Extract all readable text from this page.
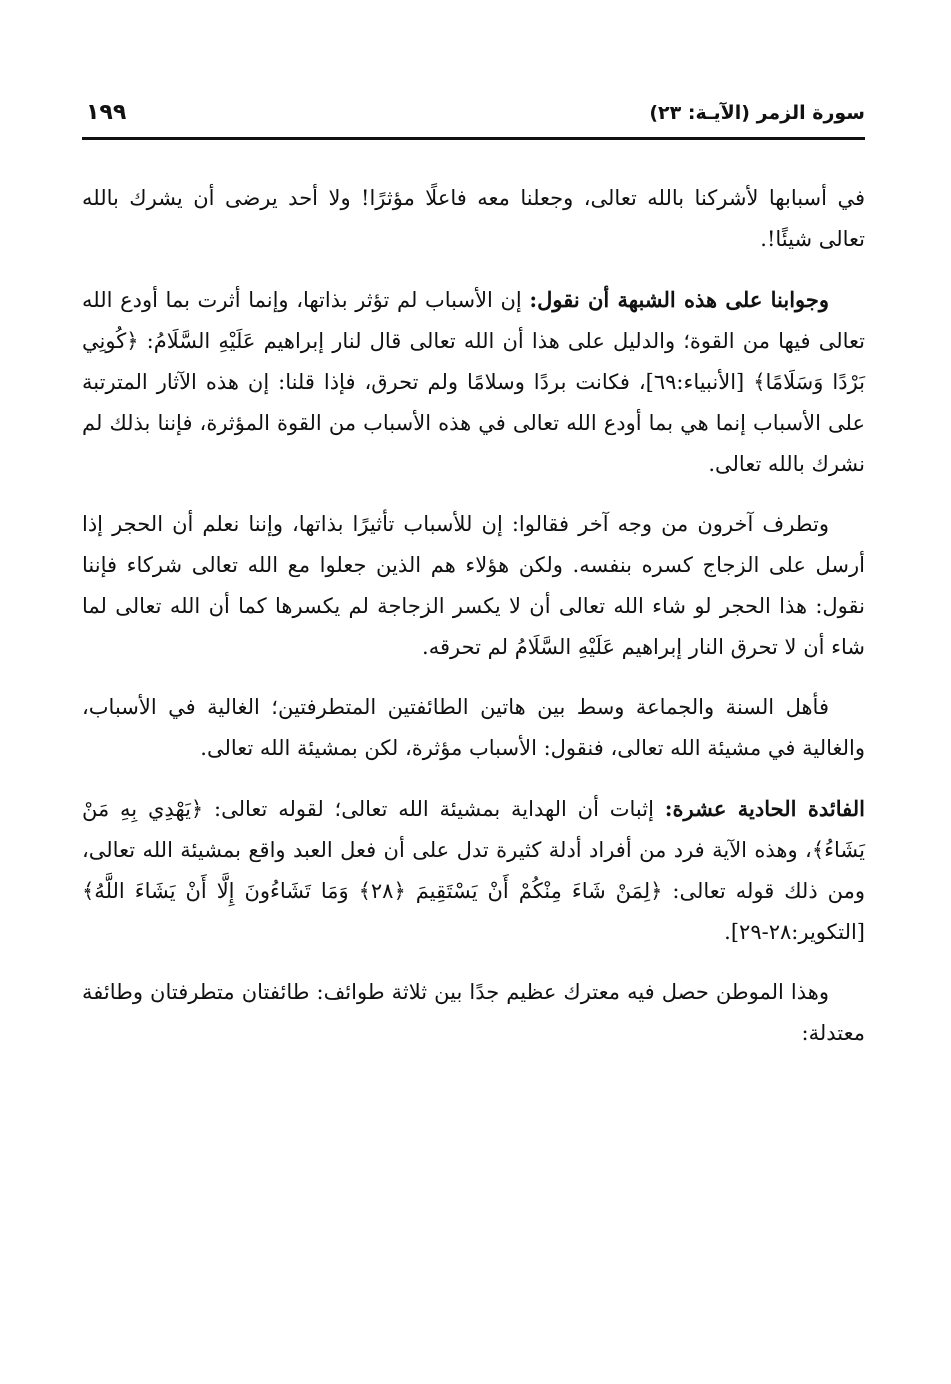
سورة الزمر (الآيـة: ٢٣)
١٩٩

في أسبابها لأشركنا بالله تعالى، وجعلنا معه فاعلًا مؤثرًا! ولا أحد يرضى أن يشرك بالله تعالى شيئًا!.

وجوابنا على هذه الشبهة أن نقول: إن الأسباب لم تؤثر بذاتها، وإنما أثرت بما أودع الله تعالى فيها من القوة؛ والدليل على هذا أن الله تعالى قال لنار إبراهيم عَلَيْهِ السَّلَامُ: ﴿كُونِي بَرْدًا وَسَلَامًا﴾ [الأنبياء:٦٩]، فكانت بردًا وسلامًا ولم تحرق، فإذا قلنا: إن هذه الآثار المترتبة على الأسباب إنما هي بما أودع الله تعالى في هذه الأسباب من القوة المؤثرة، فإننا بذلك لم نشرك بالله تعالى.

وتطرف آخرون من وجه آخر فقالوا: إن للأسباب تأثيرًا بذاتها، وإننا نعلم أن الحجر إذا أرسل على الزجاج كسره بنفسه. ولكن هؤلاء هم الذين جعلوا مع الله تعالى شركاء فإننا نقول: هذا الحجر لو شاء الله تعالى أن لا يكسر الزجاجة لم يكسرها كما أن الله تعالى لما شاء أن لا تحرق النار إبراهيم عَلَيْهِ السَّلَامُ لم تحرقه.

فأهل السنة والجماعة وسط بين هاتين الطائفتين المتطرفتين؛ الغالية في الأسباب، والغالية في مشيئة الله تعالى، فنقول: الأسباب مؤثرة، لكن بمشيئة الله تعالى.

الفائدة الحادية عشرة: إثبات أن الهداية بمشيئة الله تعالى؛ لقوله تعالى: ﴿يَهْدِي بِهِ مَنْ يَشَاءُ﴾، وهذه الآية فرد من أفراد أدلة كثيرة تدل على أن فعل العبد واقع بمشيئة الله تعالى، ومن ذلك قوله تعالى: ﴿لِمَنْ شَاءَ مِنْكُمْ أَنْ يَسْتَقِيمَ ﴿٢٨﴾ وَمَا تَشَاءُونَ إِلَّا أَنْ يَشَاءَ اللَّهُ﴾ [التكوير:٢٨-٢٩].

وهذا الموطن حصل فيه معترك عظيم جدًا بين ثلاثة طوائف: طائفتان متطرفتان وطائفة معتدلة:
